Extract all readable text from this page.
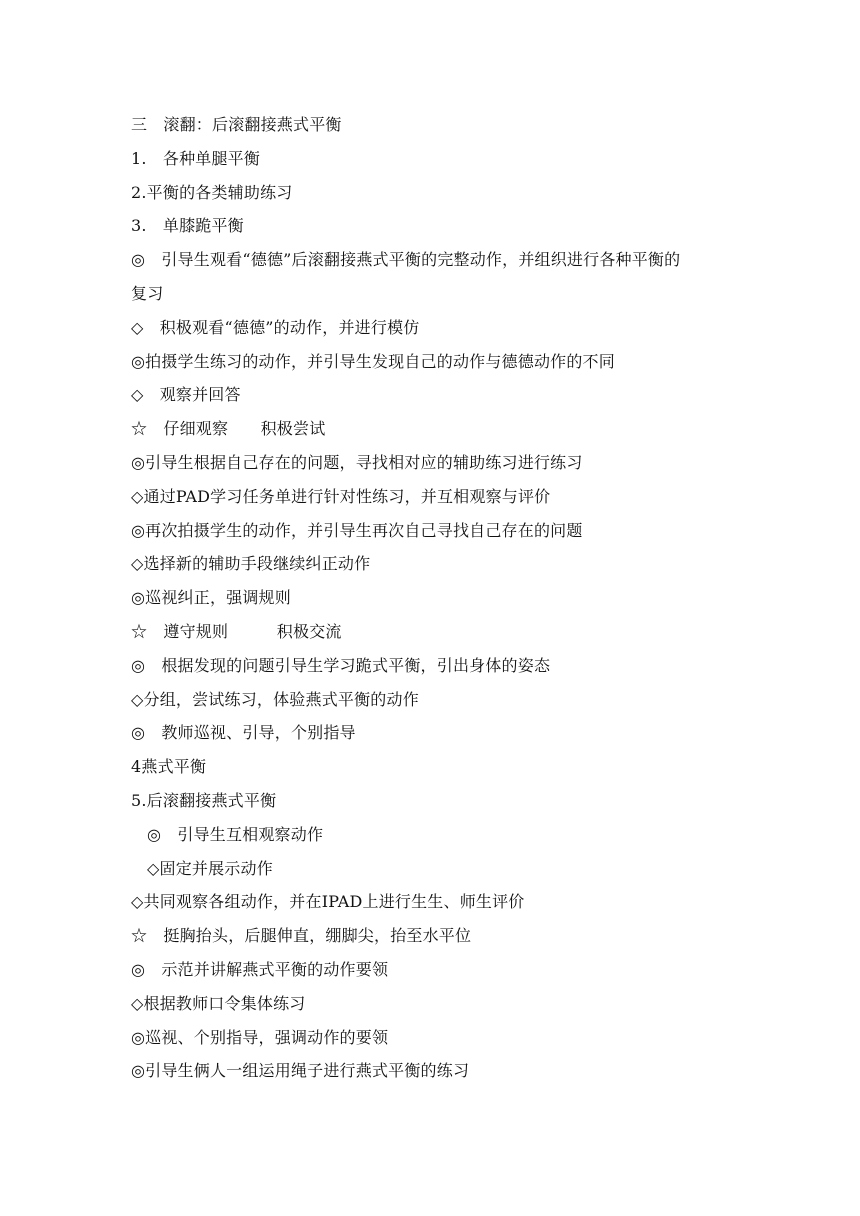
三　滚翻：后滚翻接燕式平衡
1.　各种单腿平衡
2.平衡的各类辅助练习
3.　单膝跪平衡
◎　引导生观看“德德”后滚翻接燕式平衡的完整动作，并组织进行各种平衡的
复习
◇　积极观看“德德”的动作，并进行模仿
◎拍摄学生练习的动作，并引导生发现自己的动作与德德动作的不同
◇　观察并回答
☆　仔细观察　　积极尝试
◎引导生根据自己存在的问题，寻找相对应的辅助练习进行练习
◇通过PAD学习任务单进行针对性练习，并互相观察与评价
◎再次拍摄学生的动作，并引导生再次自己寻找自己存在的问题
◇选择新的辅助手段继续纠正动作
◎巡视纠正，强调规则
☆　遵守规则　　　积极交流
◎　根据发现的问题引导生学习跪式平衡，引出身体的姿态
◇分组，尝试练习，体验燕式平衡的动作
◎　教师巡视、引导，个别指导
4燕式平衡
5.后滚翻接燕式平衡
◎　引导生互相观察动作
◇固定并展示动作
◇共同观察各组动作，并在IPAD上进行生生、师生评价
☆　挺胸抬头，后腿伸直，绷脚尖，抬至水平位
◎　示范并讲解燕式平衡的动作要领
◇根据教师口令集体练习
◎巡视、个别指导，强调动作的要领
◎引导生俩人一组运用绳子进行燕式平衡的练习
